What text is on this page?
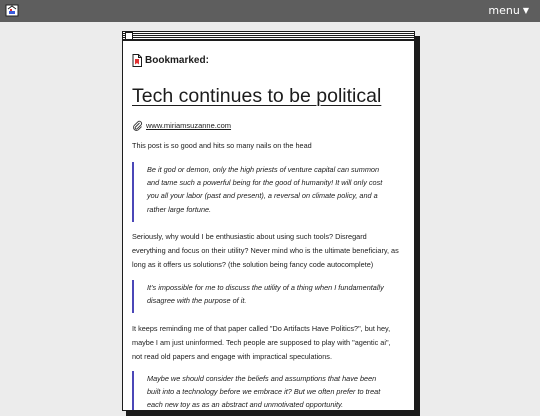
menu ▼
Bookmarked:
Tech continues to be political
www.miriamsuzanne.com

This post is so good and hits so many nails on the head

Be it god or demon, only the high priests of venture capital can summon

and tame such a powerful being for the good of humanity! It will only cost

you all your labor (past and present), a reversal on climate policy, and a

rather large fortune.

Seriously, why would I be enthusiastic about using such tools? Disregard

everything and focus on their utility? Never mind who is the ultimate beneficiary, as

long as it offers us solutions? (the solution being fancy code autocomplete)

It’s impossible for me to discuss the utility of a thing when I fundamentally

disagree with the purpose of it.

It keeps reminding me of that paper called "Do Artifacts Have Politics?", but hey,

maybe I am just uninformed. Tech people are supposed to play with "agentic ai",

not read old papers and engage with impractical speculations.

Maybe we should consider the beliefs and assumptions that have been

built into a technology before we embrace it? But we often prefer to treat

each new toy as as an abstract and unmotivated opportunity.
